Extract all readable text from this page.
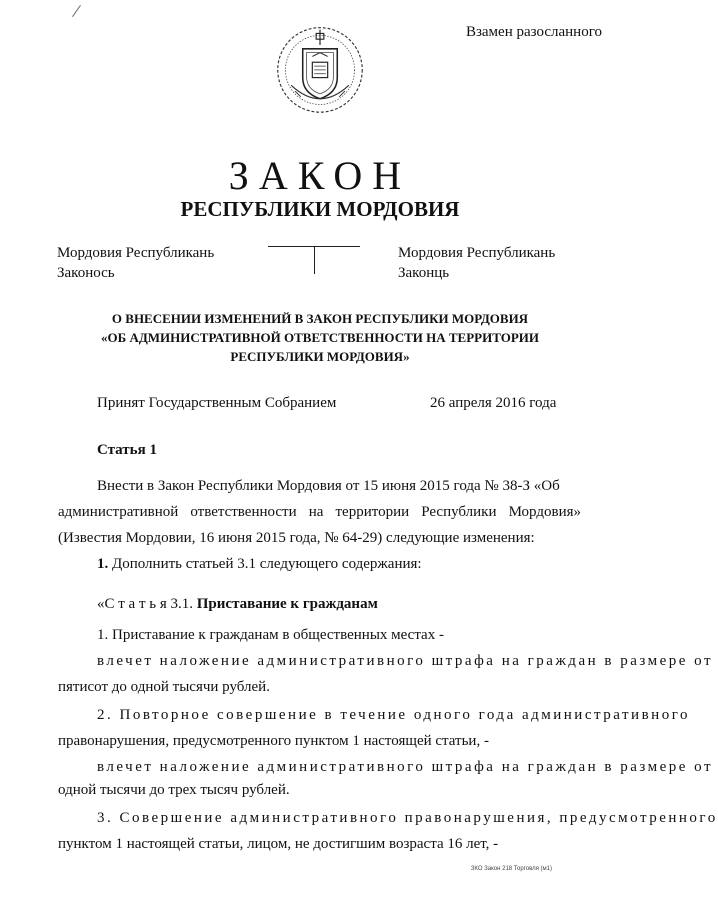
Взамен разосланного
ЗАКОН
РЕСПУБЛИКИ МОРДОВИЯ
Мордовия Республикань
Законось
Мордовия Республикань
Законць
О ВНЕСЕНИИ ИЗМЕНЕНИЙ В ЗАКОН РЕСПУБЛИКИ МОРДОВИЯ
«ОБ АДМИНИСТРАТИВНОЙ ОТВЕТСТВЕННОСТИ НА ТЕРРИТОРИИ
РЕСПУБЛИКИ МОРДОВИЯ»
Принят Государственным Собранием	26 апреля 2016 года
Статья 1
Внести в Закон Республики Мордовия от 15 июня 2015 года № 38-З «Об
административной ответственности на территории Республики Мордовия»
(Известия Мордовии, 16 июня 2015 года, № 64-29) следующие изменения:
1. Дополнить статьей 3.1 следующего содержания:
«С т а т ь я 3.1. Приставание к гражданам
1. Приставание к гражданам в общественных местах -
влечет наложение административного штрафа на граждан в размере от
пятисот до одной тысячи рублей.
2. Повторное совершение в течение одного года административного
правонарушения, предусмотренного пунктом 1 настоящей статьи, -
влечет наложение административного штрафа на граждан в размере от
одной тысячи до трех тысяч рублей.
3. Совершение административного правонарушения, предусмотренного
пунктом 1 настоящей статьи, лицом, не достигшим возраста 16 лет, -
ЗКО Закон 218 Торговля (м1)
